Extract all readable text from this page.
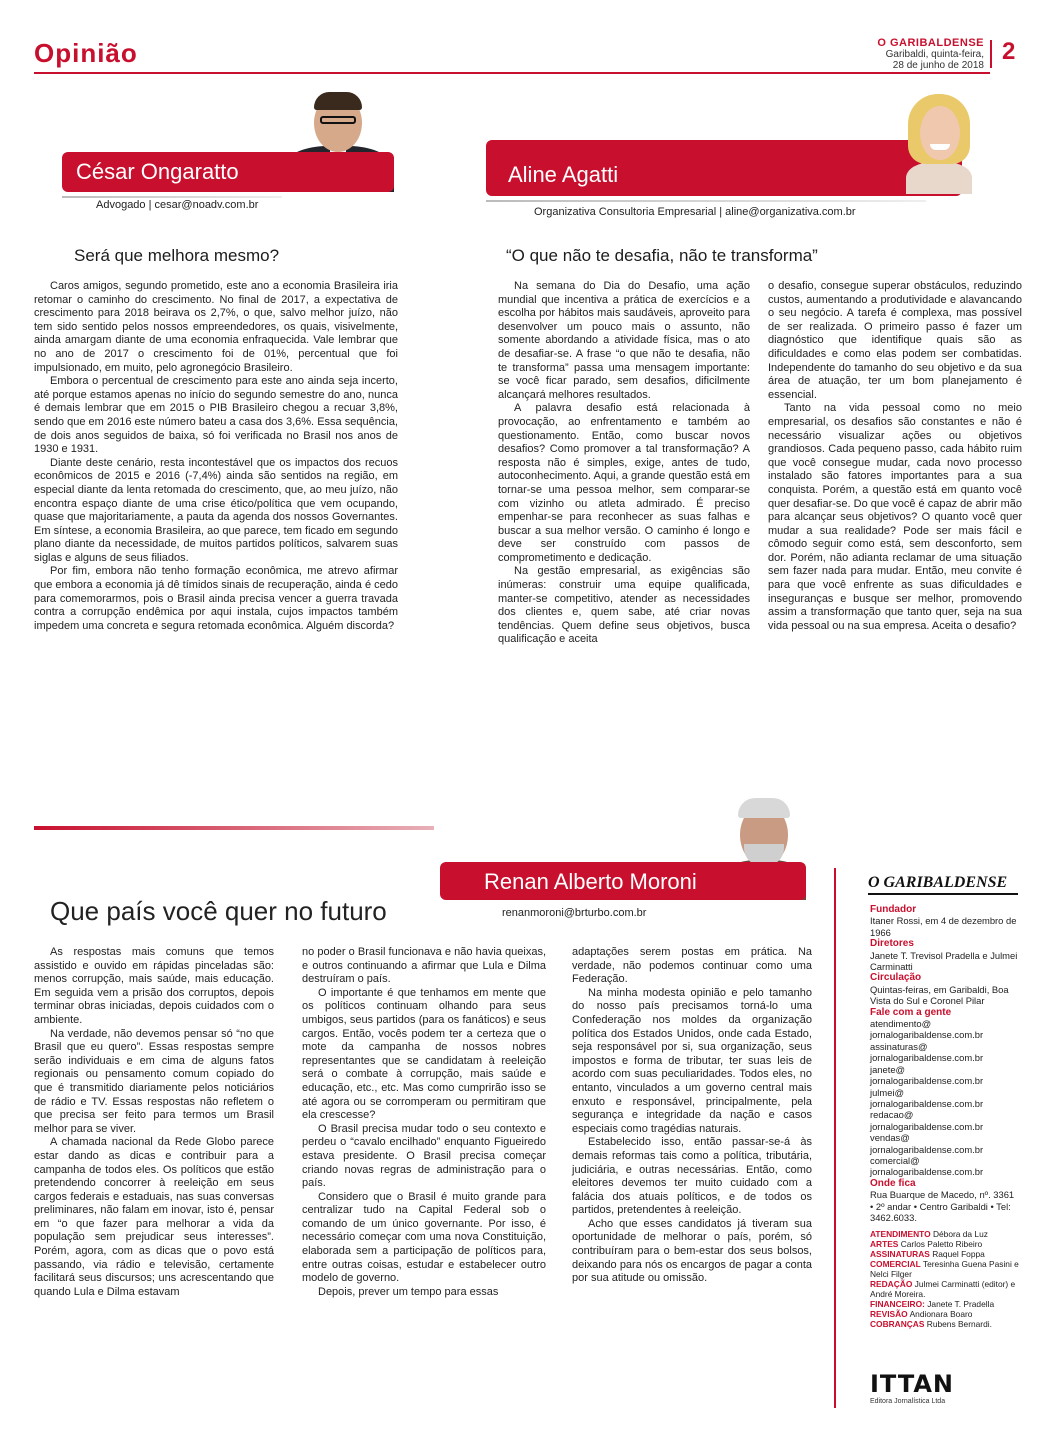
Opinião	O GARIBALDENSE
Garibaldi, quinta-feira,
28 de junho de 2018
2
César Ongaratto
Advogado | cesar@noadv.com.br
Aline Agatti
Organizativa Consultoria Empresarial | aline@organizativa.com.br
Será que melhora mesmo?

Caros amigos, segundo prometido, este ano a economia Brasileira iria retomar o caminho do crescimento. No final de 2017, a expectativa de crescimento para 2018 beirava os 2,7%, o que, salvo melhor juízo, não tem sido sentido pelos nossos empreendedores, os quais, visivelmente, ainda amargam diante de uma economia enfraquecida. Vale lembrar que no ano de 2017 o crescimento foi de 01%, percentual que foi impulsionado, em muito, pelo agronegócio Brasileiro.

Embora o percentual de crescimento para este ano ainda seja incerto, até porque estamos apenas no início do segundo semestre do ano, nunca é demais lembrar que em 2015 o PIB Brasileiro chegou a recuar 3,8%, sendo que em 2016 este número bateu a casa dos 3,6%. Essa sequência, de dois anos seguidos de baixa, só foi verificada no Brasil nos anos de 1930 e 1931.

Diante deste cenário, resta incontestável que os impactos dos recuos econômicos de 2015 e 2016 (-7,4%) ainda são sentidos na região, em especial diante da lenta retomada do crescimento, que, ao meu juízo, não encontra espaço diante de uma crise ético/política que vem ocupando, quase que majoritariamente, a pauta da agenda dos nossos Governantes. Em síntese, a economia Brasileira, ao que parece, tem ficado em segundo plano diante da necessidade, de muitos partidos políticos, salvarem suas siglas e alguns de seus filiados.

Por fim, embora não tenho formação econômica, me atrevo afirmar que embora a economia já dê tímidos sinais de recuperação, ainda é cedo para comemorarmos, pois o Brasil ainda precisa vencer a guerra travada contra a corrupção endêmica por aqui instala, cujos impactos também impedem uma concreta e segura retomada econômica. Alguém discorda?

“O que não te desafia, não te transforma”

Na semana do Dia do Desafio, uma ação mundial que incentiva a prática de exercícios e a escolha por hábitos mais saudáveis, aproveito para desenvolver um pouco mais o assunto, não somente abordando a atividade física, mas o ato de desafiar-se. A frase “o que não te desafia, não te transforma” passa uma mensagem importante: se você ficar parado, sem desafios, dificilmente alcançará melhores resultados.

A palavra desafio está relacionada à provocação, ao enfrentamento e também ao questionamento. Então, como buscar novos desafios? Como promover a tal transformação? A resposta não é simples, exige, antes de tudo, autoconhecimento. Aqui, a grande questão está em tornar-se uma pessoa melhor, sem comparar-se com vizinho ou atleta admirado. É preciso empenhar-se para reconhecer as suas falhas e buscar a sua melhor versão. O caminho é longo e deve ser construído com passos de comprometimento e dedicação.

Na gestão empresarial, as exigências são inúmeras: construir uma equipe qualificada, manter-se competitivo, atender as necessidades dos clientes e, quem sabe, até criar novas tendências. Quem define seus objetivos, busca qualificação e aceita

o desafio, consegue superar obstáculos, reduzindo custos, aumentando a produtividade e alavancando o seu negócio. A tarefa é complexa, mas possível de ser realizada. O primeiro passo é fazer um diagnóstico que identifique quais são as dificuldades e como elas podem ser combatidas. Independente do tamanho do seu objetivo e da sua área de atuação, ter um bom planejamento é essencial.

Tanto na vida pessoal como no meio empresarial, os desafios são constantes e não é necessário visualizar ações ou objetivos grandiosos. Cada pequeno passo, cada hábito ruim que você consegue mudar, cada novo processo instalado são fatores importantes para a sua conquista. Porém, a questão está em quanto você quer desafiar-se. Do que você é capaz de abrir mão para alcançar seus objetivos? O quanto você quer mudar a sua realidade? Pode ser mais fácil e cômodo seguir como está, sem desconforto, sem dor. Porém, não adianta reclamar de uma situação sem fazer nada para mudar. Então, meu convite é para que você enfrente as suas dificuldades e inseguranças e busque ser melhor, promovendo assim a transformação que tanto quer, seja na sua vida pessoal ou na sua empresa. Aceita o desafio?

Renan Alberto Moroni
renanmoroni@brturbo.com.br
Que país você quer no futuro

As respostas mais comuns que temos assistido e ouvido em rápidas pinceladas são: menos corrupção, mais saúde, mais educação. Em seguida vem a prisão dos corruptos, depois terminar obras iniciadas, depois cuidados com o ambiente.

Na verdade, não devemos pensar só “no que Brasil que eu quero”. Essas respostas sempre serão individuais e em cima de alguns fatos regionais ou pensamento comum copiado do que é transmitido diariamente pelos noticiários de rádio e TV. Essas respostas não refletem o que precisa ser feito para termos um Brasil melhor para se viver.

A chamada nacional da Rede Globo parece estar dando as dicas e contribuir para a campanha de todos eles. Os políticos que estão pretendendo concorrer à reeleição em seus cargos federais e estaduais, nas suas conversas preliminares, não falam em inovar, isto é, pensar em “o que fazer para melhorar a vida da população sem prejudicar seus interesses”. Porém, agora, com as dicas que o povo está passando, via rádio e televisão, certamente facilitará seus discursos; uns acrescentando que quando Lula e Dilma estavam

no poder o Brasil funcionava e não havia queixas, e outros continuando a afirmar que Lula e Dilma destruíram o país.

O importante é que tenhamos em mente que os políticos continuam olhando para seus umbigos, seus partidos (para os fanáticos) e seus cargos. Então, vocês podem ter a certeza que o mote da campanha de nossos nobres representantes que se candidatam à reeleição será o combate à corrupção, mais saúde e educação, etc., etc. Mas como cumprirão isso se até agora ou se corromperam ou permitiram que ela crescesse?

O Brasil precisa mudar todo o seu contexto e perdeu o “cavalo encilhado” enquanto Figueiredo estava presidente. O Brasil precisa começar criando novas regras de administração para o país.

Considero que o Brasil é muito grande para centralizar tudo na Capital Federal sob o comando de um único governante. Por isso, é necessário começar com uma nova Constituição, elaborada sem a participação de políticos para, entre outras coisas, estudar e estabelecer outro modelo de governo.

Depois, prever um tempo para essas

adaptações serem postas em prática. Na verdade, não podemos continuar como uma Federação.

Na minha modesta opinião e pelo tamanho do nosso país precisamos torná-lo uma Confederação nos moldes da organização política dos Estados Unidos, onde cada Estado, seja responsável por si, sua organização, seus impostos e forma de tributar, ter suas leis de acordo com suas peculiaridades. Todos eles, no entanto, vinculados a um governo central mais enxuto e responsável, principalmente, pela segurança e integridade da nação e casos especiais como tragédias naturais.

Estabelecido isso, então passar-se-á às demais reformas tais como a política, tributária, judiciária, e outras necessárias. Então, como eleitores devemos ter muito cuidado com a falácia dos atuais políticos, e de todos os partidos, pretendentes à reeleição.

Acho que esses candidatos já tiveram sua oportunidade de melhorar o país, porém, só contribuíram para o bem-estar dos seus bolsos, deixando para nós os encargos de pagar a conta por sua atitude ou omissão.

O GARIBALDENSE
Fundador
Itaner Rossi, em 4 de dezembro de 1966
Diretores
Janete T. Trevisol Pradella e Julmei Carminatti
Circulação
Quintas-feiras, em Garibaldi, Boa Vista do Sul e Coronel Pilar
Fale com a gente
atendimento@
jornalogaribaldense.com.br
assinaturas@
jornalogaribaldense.com.br
janete@
jornalogaribaldense.com.br
julmei@
jornalogaribaldense.com.br
redacao@
jornalogaribaldense.com.br
vendas@
jornalogaribaldense.com.br
comercial@
jornalogaribaldense.com.br
Onde fica
Rua Buarque de Macedo, nº. 3361 • 2º andar • Centro Garibaldi • Tel: 3462.6033.
ATENDIMENTO Débora da Luz
ARTES Carlos Paletto Ribeiro
ASSINATURAS Raquel Foppa
COMERCIAL Teresinha Guena Pasini e Nelci Filger
REDAÇÃO Julmei Carminatti (editor) e André Moreira.
FINANCEIRO: Janete T. Pradella
REVISÃO Andionara Boaro
COBRANÇAS Rubens Bernardi.
ITTAN
Editora Jornalística Ltda
